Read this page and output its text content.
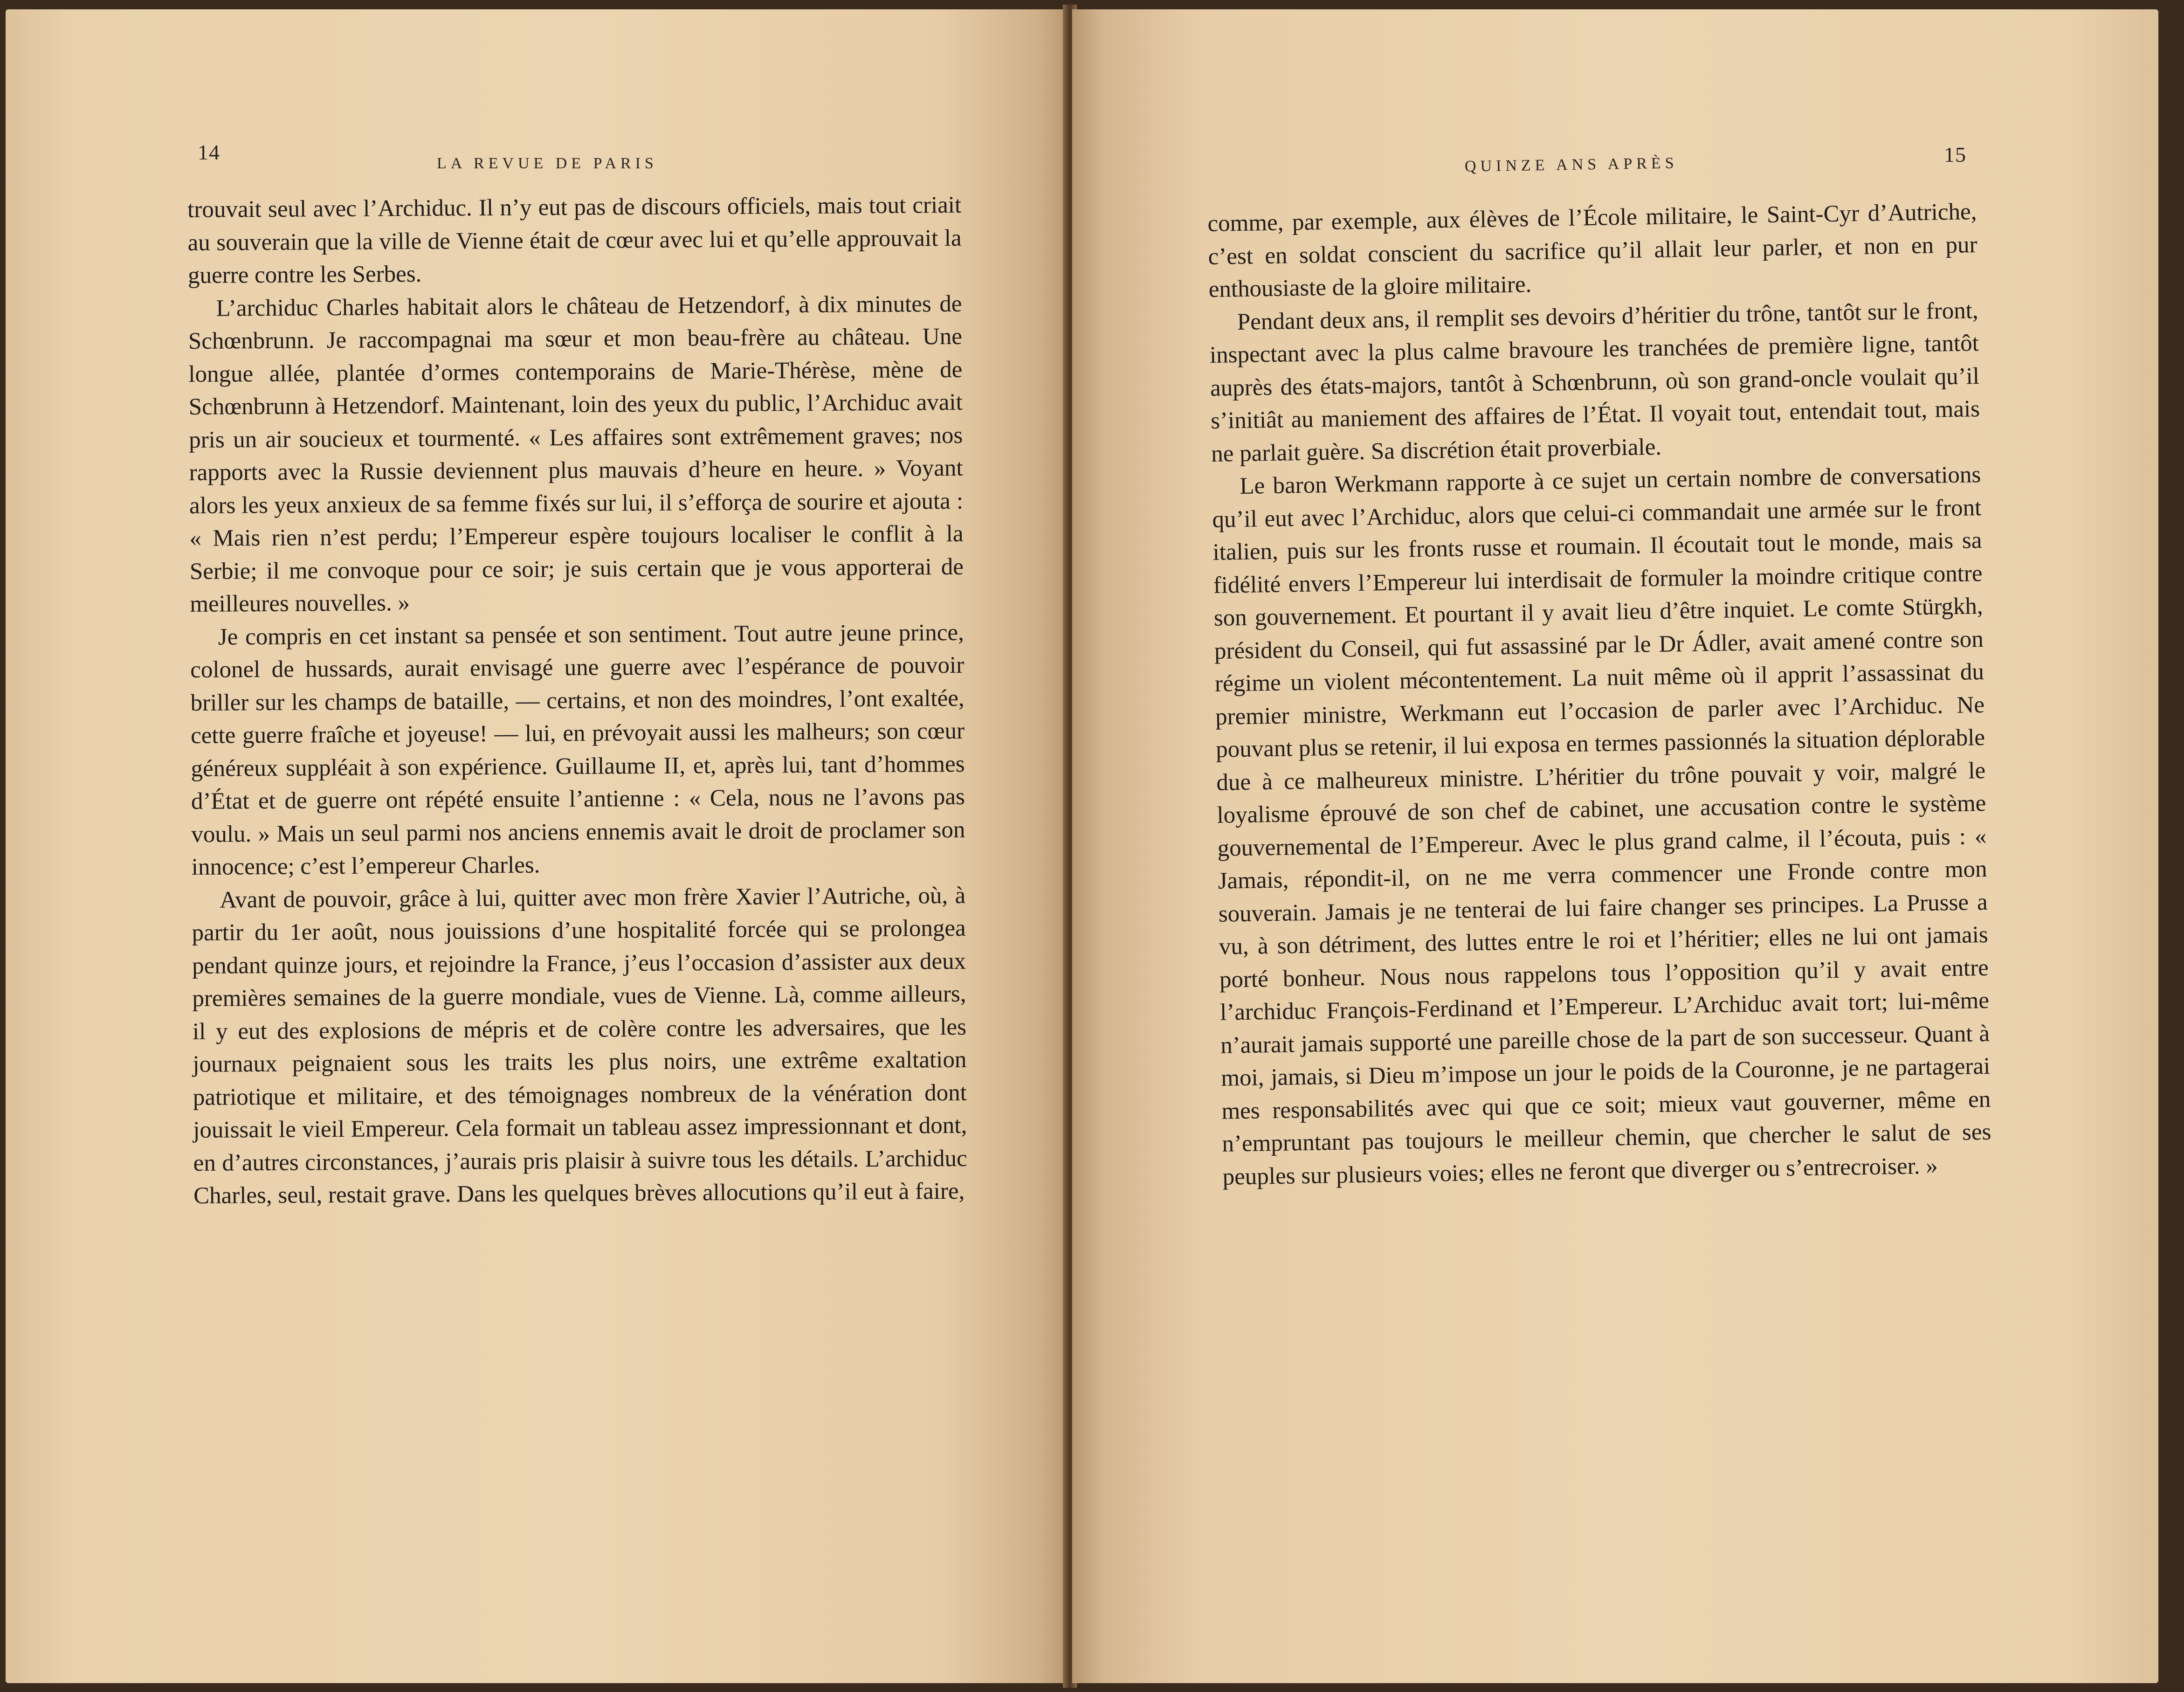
14	LA REVUE DE PARIS

trouvait seul avec l’Archiduc. Il n’y eut pas de discours officiels, mais tout criait au souverain que la ville de Vienne était de cœur avec lui et qu’elle approuvait la guerre contre les Serbes.

L’archiduc Charles habitait alors le château de Hetzendorf, à dix minutes de Schœnbrunn. Je raccompagnai ma sœur et mon beau-frère au château. Une longue allée, plantée d’ormes contemporains de Marie-Thérèse, mène de Schœnbrunn à Hetzendorf. Maintenant, loin des yeux du public, l’Archiduc avait pris un air soucieux et tourmenté. « Les affaires sont extrêmement graves; nos rapports avec la Russie deviennent plus mauvais d’heure en heure. » Voyant alors les yeux anxieux de sa femme fixés sur lui, il s’efforça de sourire et ajouta : « Mais rien n’est perdu; l’Empereur espère toujours localiser le conflit à la Serbie; il me convoque pour ce soir; je suis certain que je vous apporterai de meilleures nouvelles. »

Je compris en cet instant sa pensée et son sentiment. Tout autre jeune prince, colonel de hussards, aurait envisagé une guerre avec l’espérance de pouvoir briller sur les champs de bataille, — certains, et non des moindres, l’ont exaltée, cette guerre fraîche et joyeuse! — lui, en prévoyait aussi les malheurs; son cœur généreux suppléait à son expérience. Guillaume II, et, après lui, tant d’hommes d’État et de guerre ont répété ensuite l’antienne : « Cela, nous ne l’avons pas voulu. » Mais un seul parmi nos anciens ennemis avait le droit de proclamer son innocence; c’est l’empereur Charles.

Avant de pouvoir, grâce à lui, quitter avec mon frère Xavier l’Autriche, où, à partir du 1er août, nous jouissions d’une hospitalité forcée qui se prolongea pendant quinze jours, et rejoindre la France, j’eus l’occasion d’assister aux deux premières semaines de la guerre mondiale, vues de Vienne. Là, comme ailleurs, il y eut des explosions de mépris et de colère contre les adversaires, que les journaux peignaient sous les traits les plus noirs, une extrême exaltation patriotique et militaire, et des témoignages nombreux de la vénération dont jouissait le vieil Empereur. Cela formait un tableau assez impressionnant et dont, en d’autres circonstances, j’aurais pris plaisir à suivre tous les détails. L’archiduc Charles, seul, restait grave. Dans les quelques brèves allocutions qu’il eut à faire,

QUINZE ANS APRÈS	15

comme, par exemple, aux élèves de l’École militaire, le Saint-Cyr d’Autriche, c’est en soldat conscient du sacrifice qu’il allait leur parler, et non en pur enthousiaste de la gloire militaire.

Pendant deux ans, il remplit ses devoirs d’héritier du trône, tantôt sur le front, inspectant avec la plus calme bravoure les tranchées de première ligne, tantôt auprès des états-majors, tantôt à Schœnbrunn, où son grand-oncle voulait qu’il s’initiât au maniement des affaires de l’État. Il voyait tout, entendait tout, mais ne parlait guère. Sa discrétion était proverbiale.

Le baron Werkmann rapporte à ce sujet un certain nombre de conversations qu’il eut avec l’Archiduc, alors que celui-ci commandait une armée sur le front italien, puis sur les fronts russe et roumain. Il écoutait tout le monde, mais sa fidélité envers l’Empereur lui interdisait de formuler la moindre critique contre son gouvernement. Et pourtant il y avait lieu d’être inquiet. Le comte Stürgkh, président du Conseil, qui fut assassiné par le Dr Ádler, avait amené contre son régime un violent mécontentement. La nuit même où il apprit l’assassinat du premier ministre, Werkmann eut l’occasion de parler avec l’Archiduc. Ne pouvant plus se retenir, il lui exposa en termes passionnés la situation déplorable due à ce malheureux ministre. L’héritier du trône pouvait y voir, malgré le loyalisme éprouvé de son chef de cabinet, une accusation contre le système gouvernemental de l’Empereur. Avec le plus grand calme, il l’écouta, puis : « Jamais, répondit-il, on ne me verra commencer une Fronde contre mon souverain. Jamais je ne tenterai de lui faire changer ses principes. La Prusse a vu, à son détriment, des luttes entre le roi et l’héritier; elles ne lui ont jamais porté bonheur. Nous nous rappelons tous l’opposition qu’il y avait entre l’archiduc François-Ferdinand et l’Empereur. L’Archiduc avait tort; lui-même n’aurait jamais supporté une pareille chose de la part de son successeur. Quant à moi, jamais, si Dieu m’impose un jour le poids de la Couronne, je ne partagerai mes responsabilités avec qui que ce soit; mieux vaut gouverner, même en n’empruntant pas toujours le meilleur chemin, que chercher le salut de ses peuples sur plusieurs voies; elles ne feront que diverger ou s’entrecroiser. »
